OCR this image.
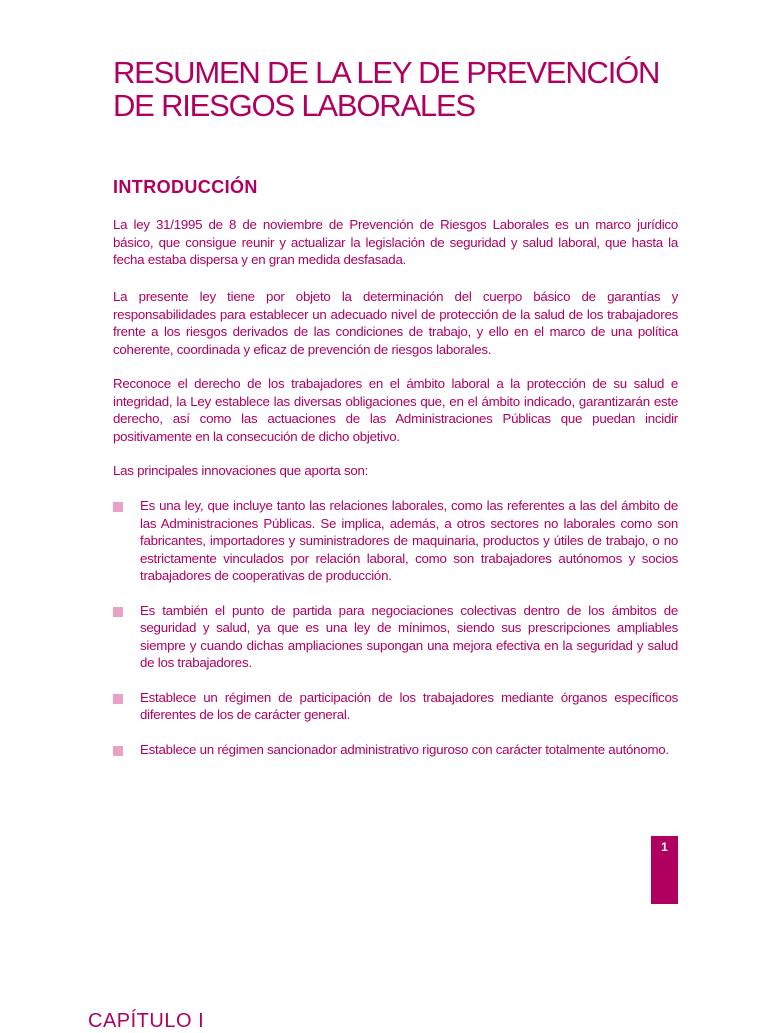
RESUMEN DE LA LEY DE PREVENCIÓN
DE RIESGOS LABORALES
INTRODUCCIÓN

La ley 31/1995 de 8 de noviembre de Prevención de Riesgos Laborales es un marco jurídico básico, que consigue reunir y actualizar la legislación de seguridad y salud laboral, que hasta la fecha estaba dispersa y en gran medida desfasada.

La presente ley tiene por objeto la determinación del cuerpo básico de garantías y responsabilidades para establecer un adecuado nivel de protección de la salud de los trabajadores frente a los riesgos derivados de las condiciones de trabajo, y ello en el marco de una política coherente, coordinada y eficaz de prevención de riesgos laborales.

Reconoce el derecho de los trabajadores en el ámbito laboral a la protección de su salud e integridad, la Ley establece las diversas obligaciones que, en el ámbito indicado, garantizarán este derecho, así como las actuaciones de las Administraciones Públicas que puedan incidir positivamente en la consecución de dicho objetivo.

Las principales innovaciones que aporta son:

Es una ley, que incluye tanto las relaciones laborales, como las referentes a las del ámbito de las Administraciones Públicas. Se implica, además, a otros sectores no laborales como son fabricantes, importadores y suministradores de maquinaria, productos y útiles de trabajo, o no estrictamente vinculados por relación laboral, como son trabajadores autónomos y socios trabajadores de cooperativas de producción.
Es también el punto de partida para negociaciones colectivas dentro de los ámbitos de seguridad y salud, ya que es una ley de mínimos, siendo sus prescripciones ampliables siempre y cuando dichas ampliaciones supongan una mejora efectiva en la seguridad y salud de los trabajadores.
Establece un régimen de participación de los trabajadores mediante órganos específicos diferentes de los de carácter general.
Establece un régimen sancionador administrativo riguroso con carácter totalmente autónomo.
1

CAPÍTULO I
